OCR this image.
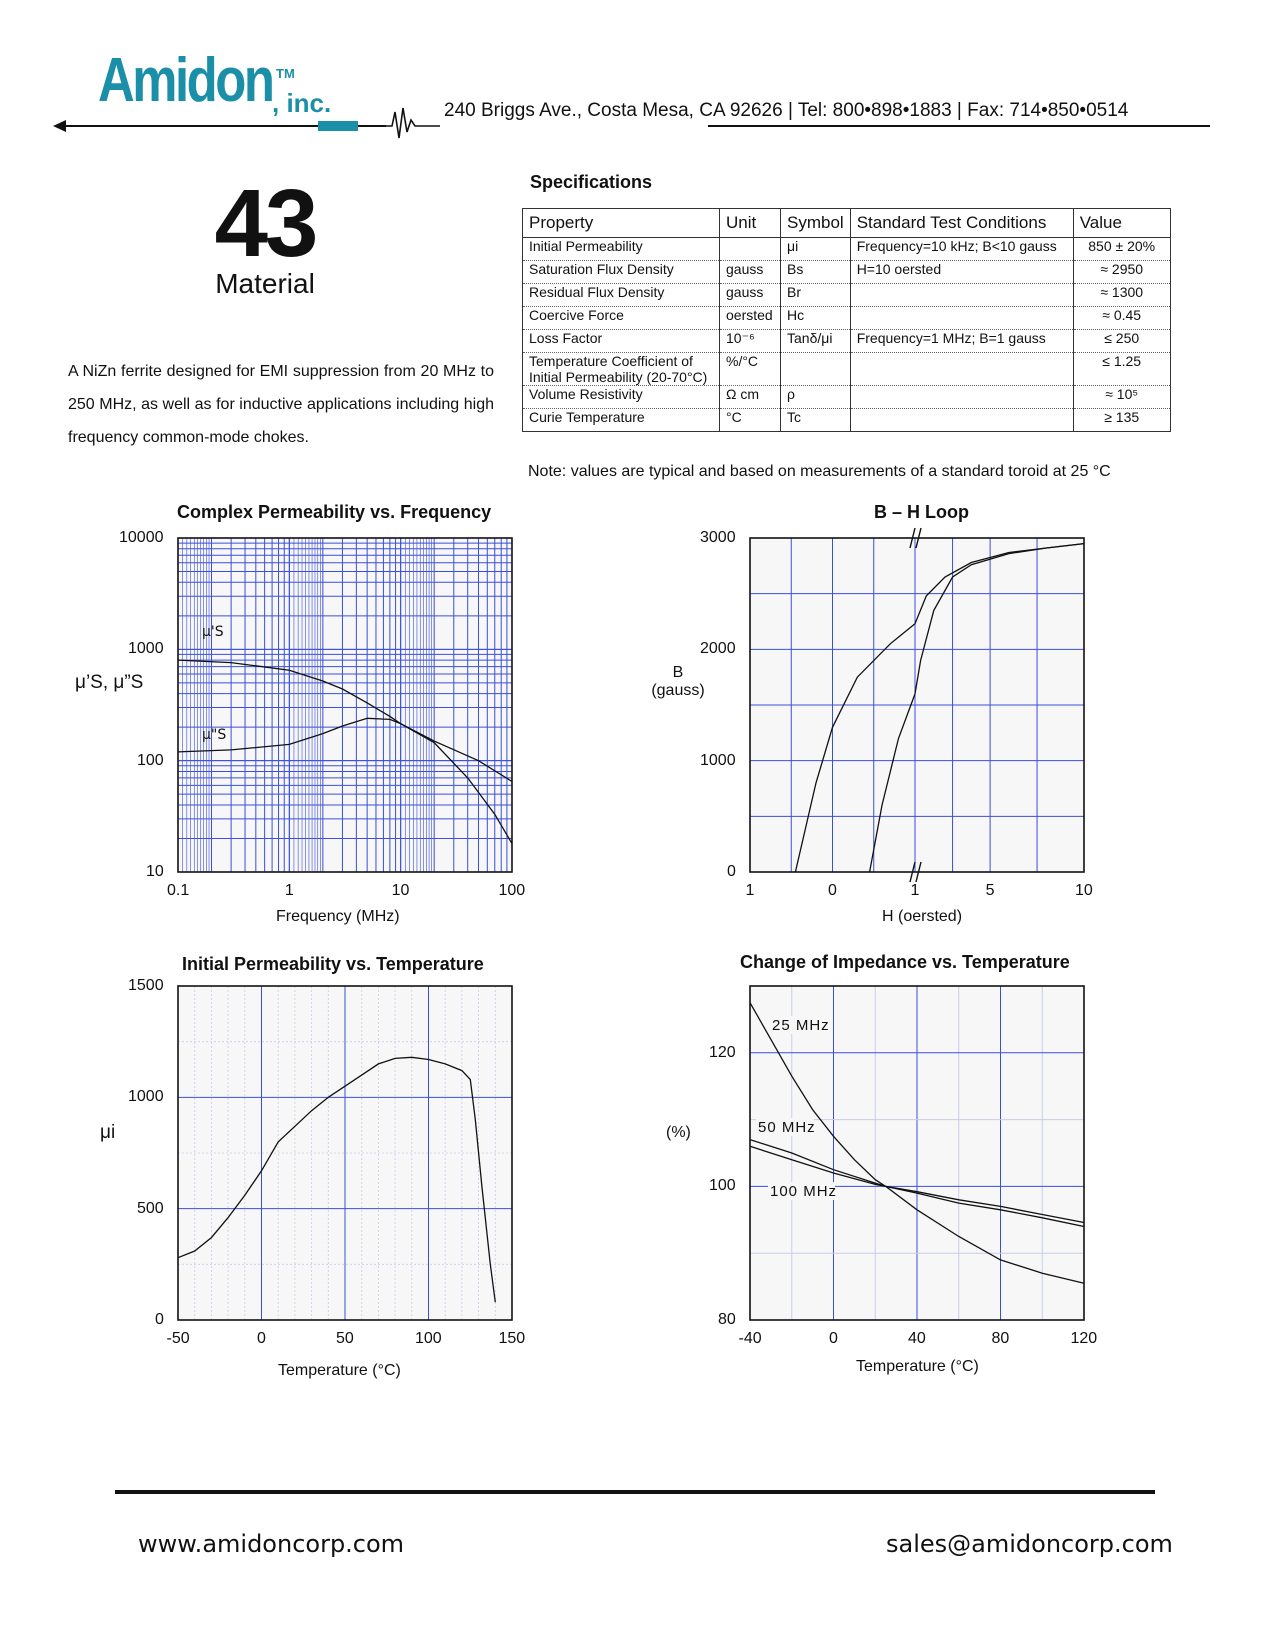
Amidon , inc.
TM
240 Briggs Ave., Costa Mesa, CA 92626 | Tel: 800•898•1883 | Fax: 714•850•0514
43
Material
A NiZn ferrite designed for EMI suppression from 20 MHz to 250 MHz, as well as for inductive applications including high frequency common-mode chokes.
Specifications
Property	Unit	Symbol	Standard Test Conditions	Value
Initial Permeability		μi	Frequency=10 kHz; B<10 gauss	850 ± 20%
Saturation Flux Density	gauss	Bs	H=10 oersted	≈ 2950
Residual Flux Density	gauss	Br		≈ 1300
Coercive Force	oersted	Hc		≈ 0.45
Loss Factor	10⁻⁶	Tanδ/μi	Frequency=1 MHz; B=1 gauss	≤ 250
Temperature Coefficient of Initial Permeability (20-70°C)	%/°C			≤ 1.25
Volume Resistivity	Ω cm	ρ		≈ 10⁵
Curie Temperature	°C	Tc		≥ 135
Note: values are typical and based on measurements of a standard toroid at 25 °C
Complex Permeability vs. Frequency
μ'S
μ"S
Frequency (MHz)
μ’S, μ”S
B – H Loop
H (oersted)
B (gauss)
Initial Permeability vs. Temperature
Temperature (°C)
μi
Change of Impedance vs. Temperature
25 MHz
50 MHz
100 MHz
Temperature (°C)
(%)
www.amidoncorp.com	sales@amidoncorp.com
0.1	1	10	100
10
100
1000
10000
1	0	1	5	10
0
1000
2000
3000
-50	0	50	100	150
0
500
1000
1500
-40	0	40	80	120
80
100
120
